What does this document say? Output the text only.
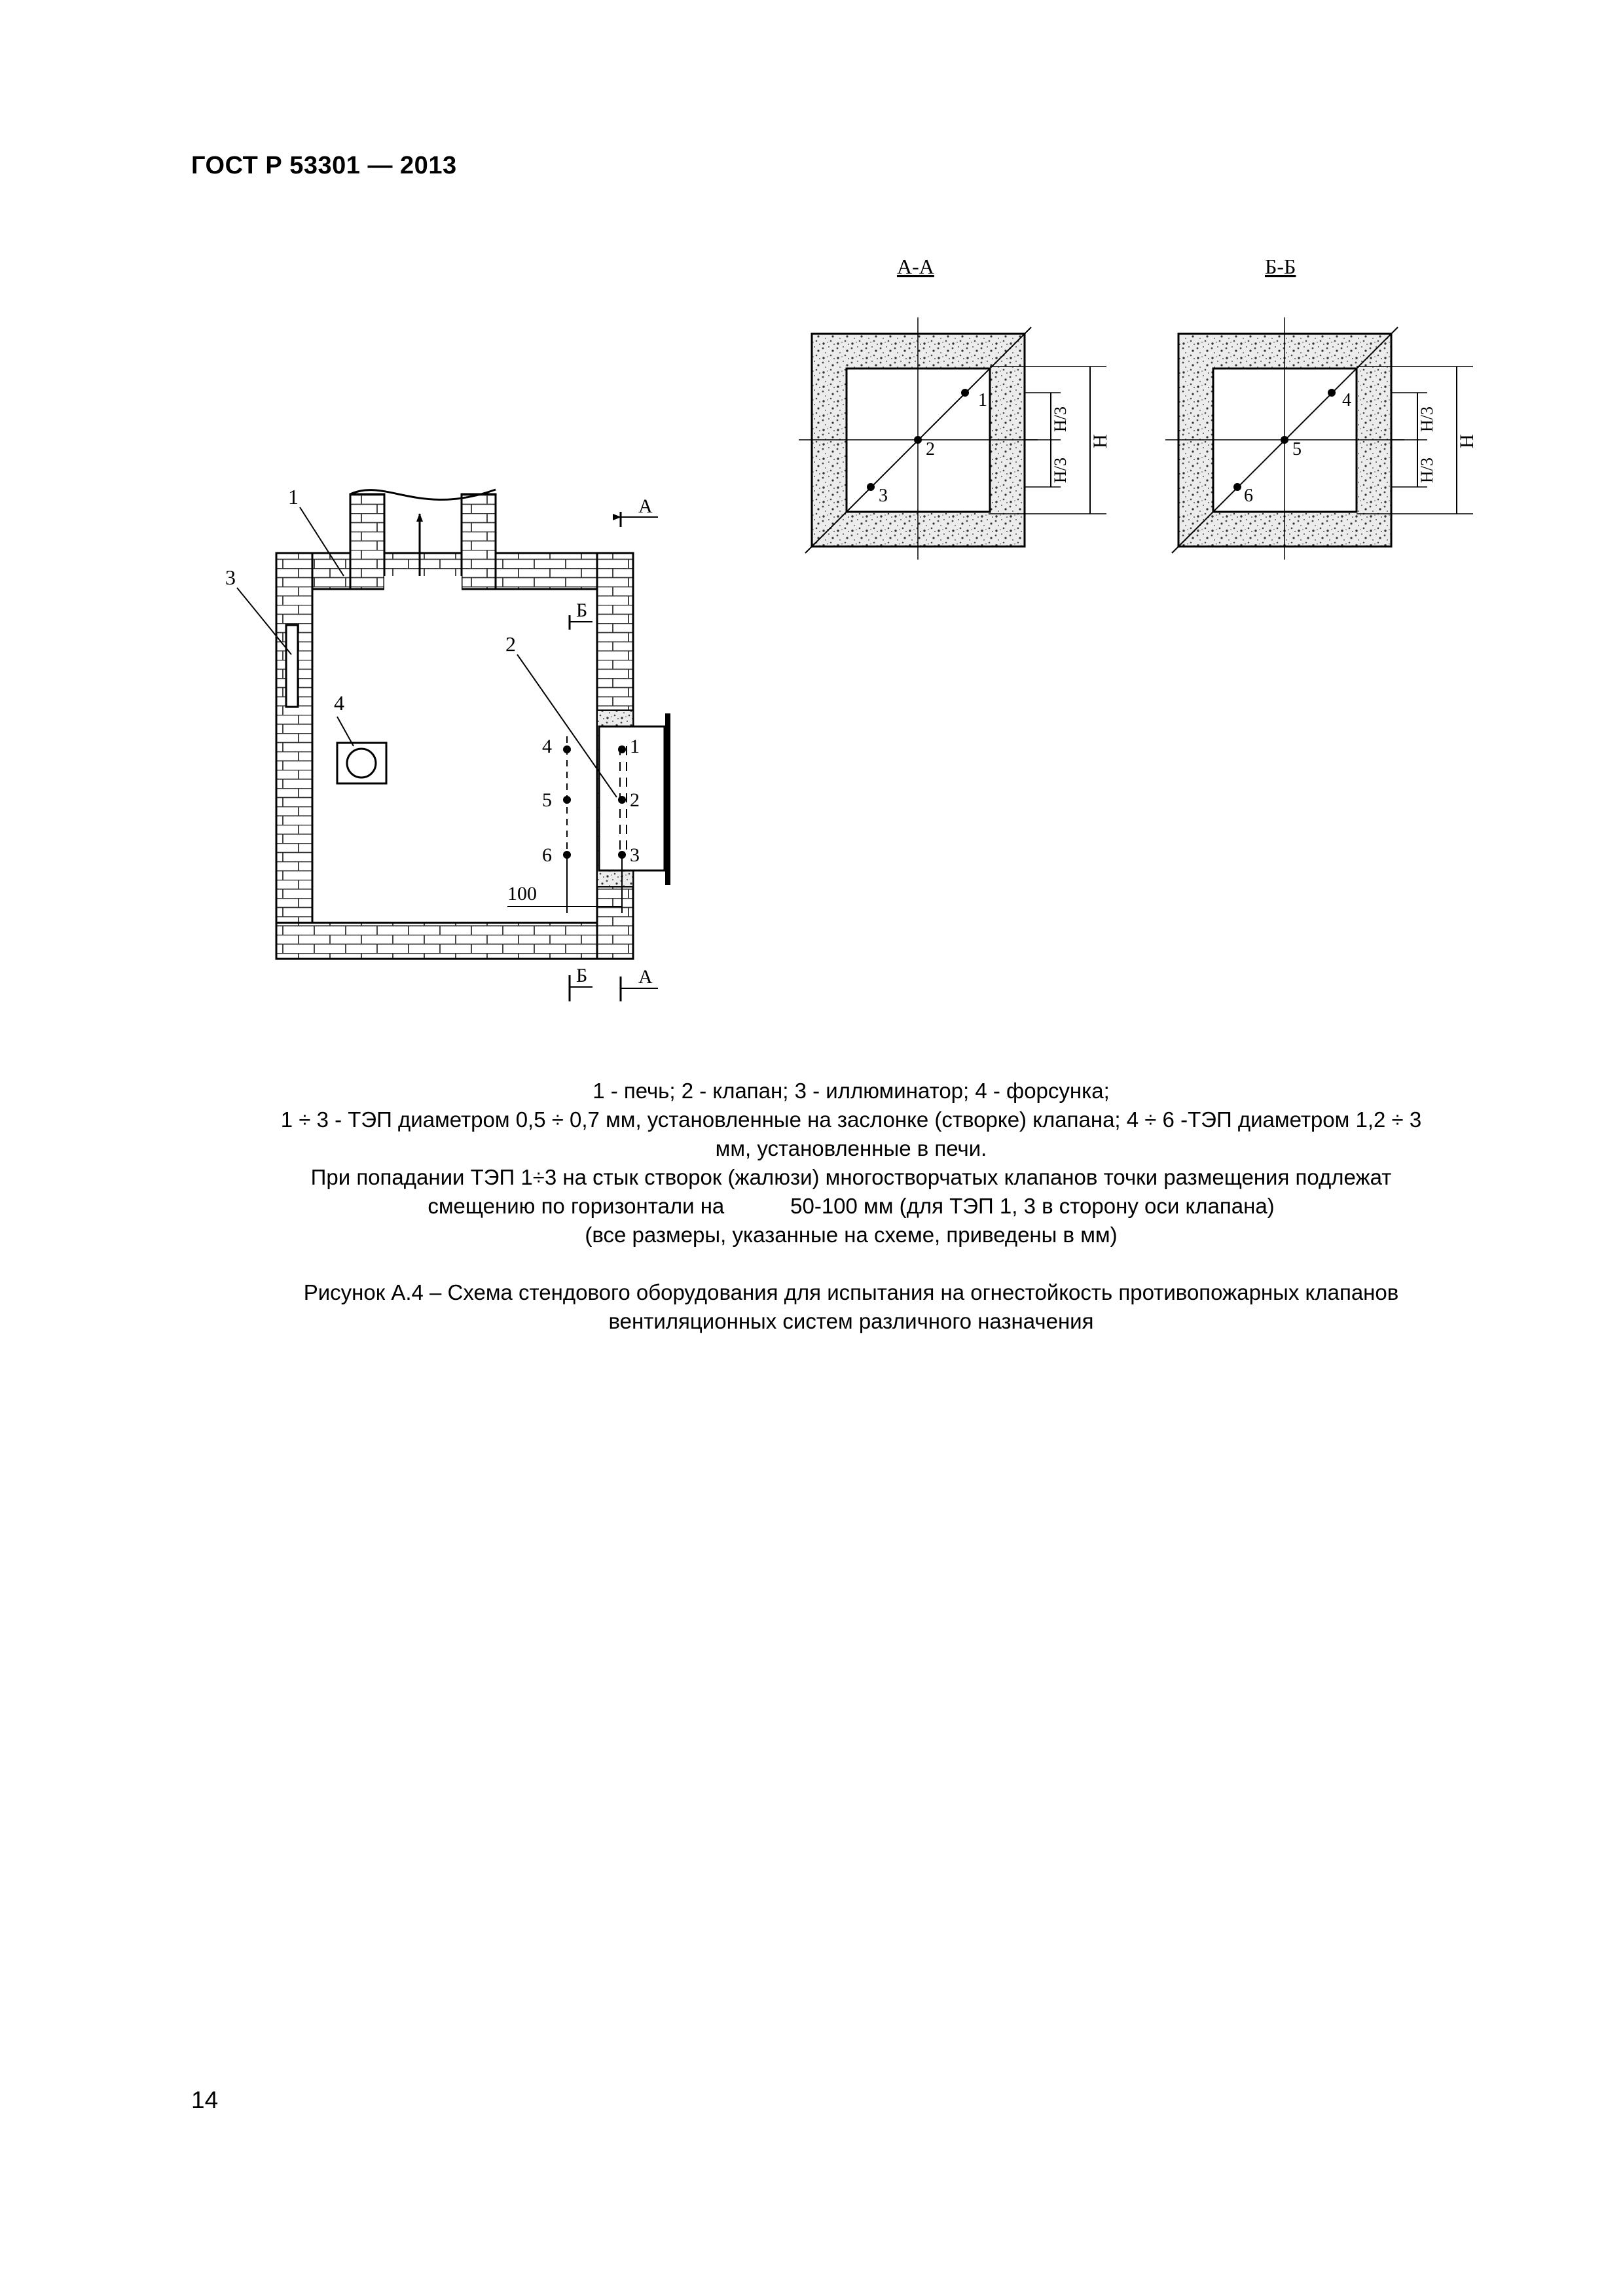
ГОСТ Р 53301 — 2013
4
5
6
1
2
3
100
1
3
4
2
А
Б
Б	А
А-А
1
2
3
H
H/3
H/3
Б-Б
4
5
6
H
H/3
H/3

1 - печь; 2 - клапан; 3 - иллюминатор; 4 - форсунка;

1 ÷ 3 - ТЭП диаметром 0,5 ÷ 0,7 мм, установленные на заслонке (створке) клапана; 4 ÷ 6 -ТЭП диаметром 1,2 ÷ 3

мм, установленные в печи.

При попадании ТЭП 1÷3 на стык створок (жалюзи) многостворчатых клапанов точки размещения подлежат

смещению по горизонтали на           50-100 мм (для ТЭП 1, 3 в сторону оси клапана)

(все размеры, указанные на схеме, приведены в мм)

Рисунок А.4 – Схема стендового оборудования для испытания на огнестойкость противопожарных клапанов

вентиляционных систем различного назначения

14
